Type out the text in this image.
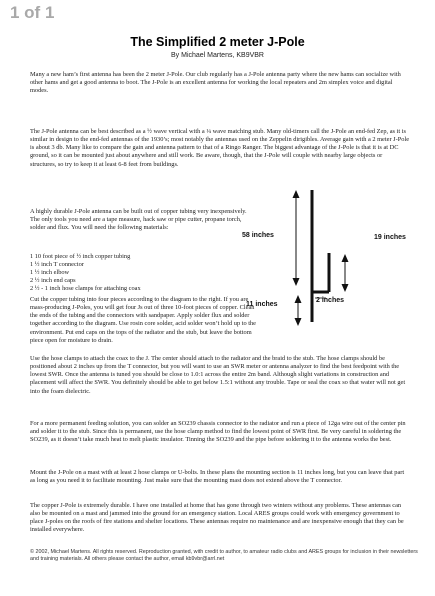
1 of 1
The Simplified 2 meter J-Pole
By Michael Martens, KB9VBR

Many a new ham’s first antenna has been the 2 meter J-Pole. Our club regularly has a J-Pole antenna party where the new hams can socialize with other hams and get a good antenna to boot. The J-Pole is an excellent antenna for working the local repeaters and 2m simplex voice and digital modes.

The J-Pole antenna can be best described as a ½ wave vertical with a ¼ wave matching stub. Many old-timers call the J-Pole an end-fed Zep, as it is similar in design to the end-fed antennas of the 1930’s; most notably the antennas used on the Zeppelin dirigibles. Average gain with a 2 meter J-Pole is about 3 db. Many like to compare the gain and antenna pattern to that of a Ringo Ranger. The biggest advantage of the J-Pole is that it is at DC ground, so it can be mounted just about anywhere and still work. Be aware, though, that the J-Pole will couple with nearby large objects or structures, so try to keep it at least 6-8 feet from buildings.

A highly durable J-Pole antenna can be built out of copper tubing very inexpensively. The only tools you need are a tape measure, hack saw or pipe cutter, propane torch, solder and flux. You will need the following materials:

1 10 foot piece of ½ inch copper tubing
1 ½ inch T connector
1 ½ inch elbow
2 ½ inch end caps
2 ½ - 1 inch hose clamps for attaching coax

Cut the copper tubing into four pieces according to the diagram to the right. If you are mass-producing J-Poles, you will get four Js out of three 10-foot pieces of copper. Clean the ends of the tubing and the connectors with sandpaper. Apply solder flux and solder together according to the diagram. Use rosin core solder, acid solder won’t hold up to the environment. Put end caps on the tops of the radiator and the stub, but leave the bottom piece open for moisture to drain.

58 inches	19 inches
11 inches
2 inches

Use the hose clamps to attach the coax to the J. The center should attach to the radiator and the braid to the stub. The hose clamps should be positioned about 2 inches up from the T connector, but you will want to use an SWR meter or antenna analyzer to find the best feedpoint with the lowest SWR. Once the antenna is tuned you should be close to 1.0:1 across the entire 2m band. Although slight variations in construction and placement will affect the SWR. You definitely should be able to get below 1.5:1 without any trouble. Tape or seal the coax so that water will not get into the foam dielectric.

For a more permanent feeding solution, you can solder an SO239 chassis connector to the radiator and run a piece of 12ga wire out of the center pin and solder it to the stub. Since this is permanent, use the hose clamp method to find the lowest point of SWR first. Be very careful in soldering the SO239, as it doesn’t take much heat to melt plastic insulator. Tinning the SO239 and the pipe before soldering it to the antenna works the best.

Mount the J-Pole on a mast with at least 2 hose clamps or U-bolts. In these plans the mounting section is 11 inches long, but you can leave that part as long as you need it to facilitate mounting. Just make sure that the mounting mast does not extend above the T connector.

The copper J-Pole is extremely durable. I have one installed at home that has gone through two winters without any problems. These antennas can also be mounted on a mast and jammed into the ground for an emergency station. Local ARES groups could work with emergency government to place J-poles on the roofs of fire stations and shelter locations. These antennas require no maintenance and are inexpensive enough that they can be installed everywhere.

© 2002, Michael Martens. All rights reserved. Reproduction granted, with credit to author, to amateur radio clubs and ARES groups for inclusion in their newsletters and training materials. All others please contact the author, email kb9vbr@arrl.net
